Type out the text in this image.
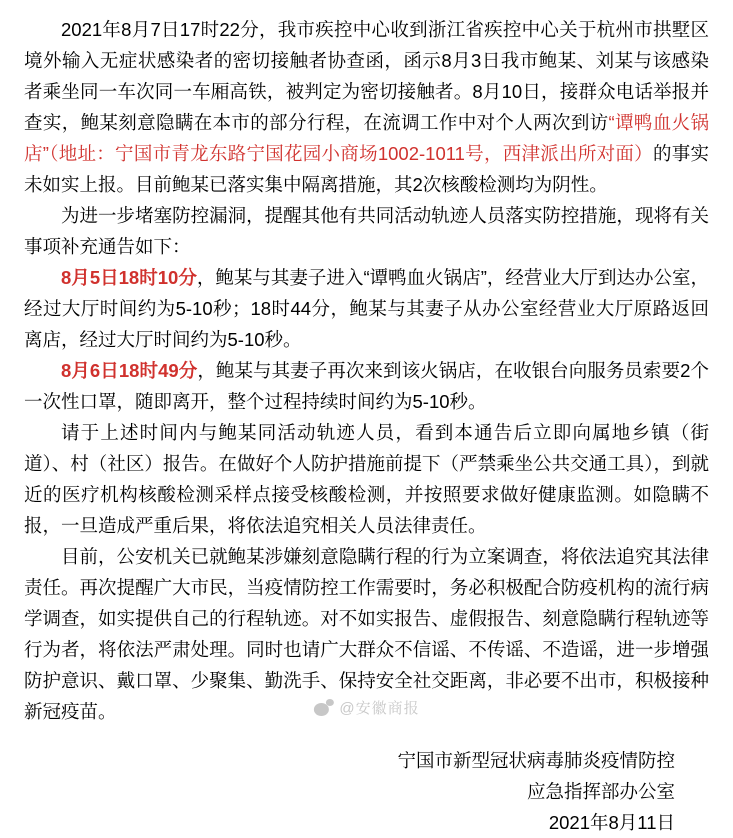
2021年8月7日17时22分，我市疾控中心收到浙江省疾控中心关于杭州市拱墅区境外输入无症状感染者的密切接触者协查函，函示8月3日我市鲍某、刘某与该感染者乘坐同一车次同一车厢高铁，被判定为密切接触者。8月10日，接群众电话举报并查实，鲍某刻意隐瞒在本市的部分行程，在流调工作中对个人两次到访“谭鸭血火锅店”（地址：宁国市青龙东路宁国花园小商场1002-1011号，西津派出所对面）的事实未如实上报。目前鲍某已落实集中隔离措施，其2次核酸检测均为阴性。

为进一步堵塞防控漏洞，提醒其他有共同活动轨迹人员落实防控措施，现将有关事项补充通告如下：

8月5日18时10分，鲍某与其妻子进入“谭鸭血火锅店”，经营业大厅到达办公室，经过大厅时间约为5-10秒；18时44分，鲍某与其妻子从办公室经营业大厅原路返回离店，经过大厅时间约为5-10秒。

8月6日18时49分，鲍某与其妻子再次来到该火锅店，在收银台向服务员索要2个一次性口罩，随即离开，整个过程持续时间约为5-10秒。

请于上述时间内与鲍某同活动轨迹人员，看到本通告后立即向属地乡镇（街道）、村（社区）报告。在做好个人防护措施前提下（严禁乘坐公共交通工具），到就近的医疗机构核酸检测采样点接受核酸检测，并按照要求做好健康监测。如隐瞒不报，一旦造成严重后果，将依法追究相关人员法律责任。

目前，公安机关已就鲍某涉嫌刻意隐瞒行程的行为立案调查，将依法追究其法律责任。再次提醒广大市民，当疫情防控工作需要时，务必积极配合防疫机构的流行病学调查，如实提供自己的行程轨迹。对不如实报告、虚假报告、刻意隐瞒行程轨迹等行为者，将依法严肃处理。同时也请广大群众不信谣、不传谣、不造谣，进一步增强防护意识、戴口罩、少聚集、勤洗手、保持安全社交距离，非必要不出市，积极接种新冠疫苗。

宁国市新型冠状病毒肺炎疫情防控
应急指挥部办公室
2021年8月11日
@安徽商报
